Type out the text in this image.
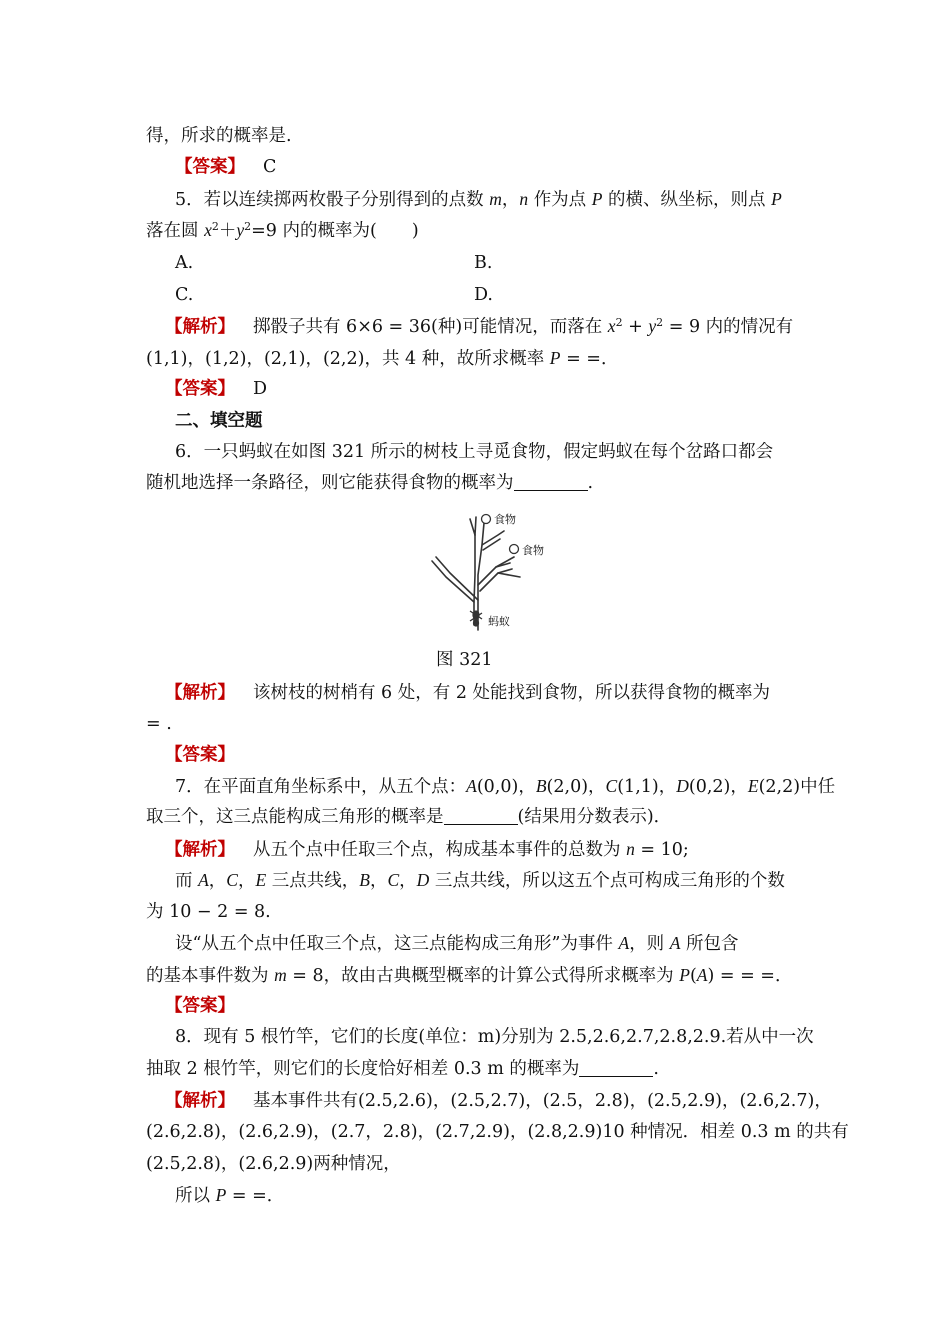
得，所求的概率是.
【答案】 C
5．若以连续掷两枚骰子分别得到的点数 m，n 作为点 P 的横、纵坐标，则点 P
落在圆 $x^2+y^2=9$ 内的概率为(　　)
A.	B.
C.	D.
【解析】 掷骰子共有 6×6 = 36(种)可能情况，而落在 $x^2 + y^2 = 9$ 内的情况有
(1,1)，(1,2)，(2,1)，(2,2)，共 4 种，故所求概率 P = =．
【答案】 D
二、填空题
6．一只蚂蚁在如图 321 所示的树枝上寻觅食物，假定蚂蚁在每个岔路口都会
随机地选择一条路径，则它能获得食物的概率为	.
食物
食物
蚂蚁
图 321
【解析】 该树枝的树梢有 6 处，有 2 处能找到食物，所以获得食物的概率为
= .
【答案】
7．在平面直角坐标系中，从五个点：A(0,0)，B(2,0)，C(1,1)，D(0,2)，E(2,2)中任
取三个，这三点能构成三角形的概率是	(结果用分数表示)．
【解析】 从五个点中任取三个点，构成基本事件的总数为 n = 10;
而 A，C，E 三点共线，B，C，D 三点共线，所以这五个点可构成三角形的个数
为 10 − 2 = 8.
设“从五个点中任取三个点，这三点能构成三角形”为事件 A，则 A 所包含
的基本事件数为 m = 8，故由古典概型概率的计算公式得所求概率为 P(A) = = =．
【答案】
8．现有 5 根竹竿，它们的长度(单位：m)分别为 2.5,2.6,2.7,2.8,2.9.若从中一次
抽取 2 根竹竿，则它们的长度恰好相差 0.3 m 的概率为	.
【解析】 基本事件共有(2.5,2.6)，(2.5,2.7)，(2.5，2.8)，(2.5,2.9)，(2.6,2.7)，
(2.6,2.8)，(2.6,2.9)，(2.7，2.8)，(2.7,2.9)，(2.8,2.9)10 种情况．相差 0.3 m 的共有
(2.5,2.8)，(2.6,2.9)两种情况，
所以 P = =．
